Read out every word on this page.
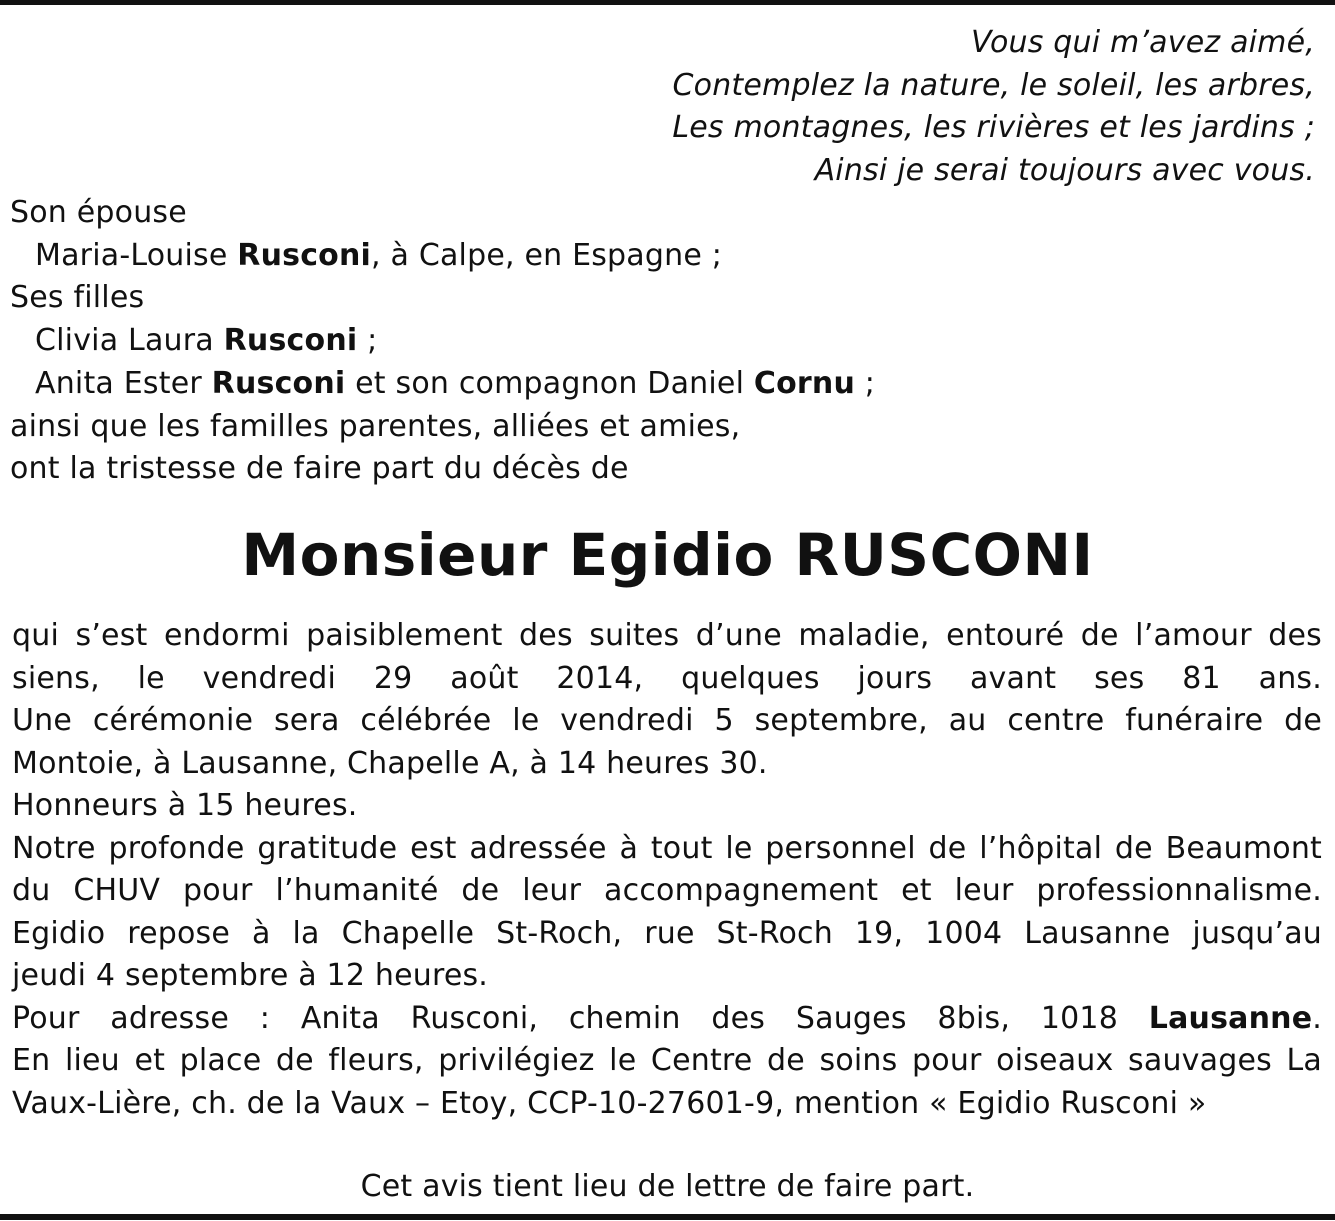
Vous qui m’avez aimé,
Contemplez la nature, le soleil, les arbres,
Les montagnes, les rivières et les jardins ;
Ainsi je serai toujours avec vous.
Son épouse
Maria-Louise Rusconi, à Calpe, en Espagne ;
Ses filles
Clivia Laura Rusconi ;
Anita Ester Rusconi et son compagnon Daniel Cornu ;
ainsi que les familles parentes, alliées et amies,
ont la tristesse de faire part du décès de
Monsieur Egidio RUSCONI
qui s’est endormi paisiblement des suites d’une maladie, entouré de l’amour des
siens, le vendredi 29 août 2014, quelques jours avant ses 81 ans.
Une cérémonie sera célébrée le vendredi 5 septembre, au centre funéraire de
Montoie, à Lausanne, Chapelle A, à 14 heures 30.
Honneurs à 15 heures.
Notre profonde gratitude est adressée à tout le personnel de l’hôpital de Beaumont
du CHUV pour l’humanité de leur accompagnement et leur professionnalisme.
Egidio repose à la Chapelle St-Roch, rue St-Roch 19, 1004 Lausanne jusqu’au
jeudi 4 septembre à 12 heures.
Pour adresse : Anita Rusconi, chemin des Sauges 8bis, 1018 Lausanne.
En lieu et place de fleurs, privilégiez le Centre de soins pour oiseaux sauvages La
Vaux-Lière, ch. de la Vaux – Etoy, CCP-10-27601-9, mention « Egidio Rusconi »
Cet avis tient lieu de lettre de faire part.
